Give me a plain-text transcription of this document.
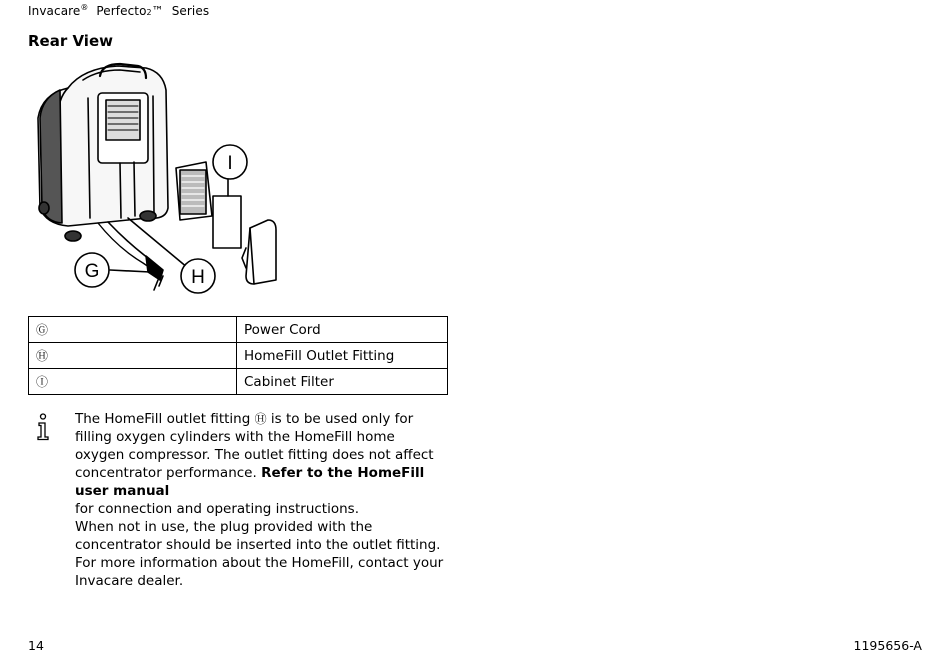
Invacare® Perfecto2™ Series
Rear View
G	H
I
Ⓖ	Power Cord
Ⓗ	HomeFill Outlet Fitting
Ⓘ	Cabinet Filter

The HomeFill outlet fitting Ⓗ is to be used only for filling oxygen cylinders with the HomeFill home oxygen compressor. The outlet fitting does not affect concentrator performance. Refer to the HomeFill user manual
for connection and operating instructions.

When not in use, the plug provided with the concentrator should be inserted into the outlet fitting. For more information about the HomeFill, contact your Invacare dealer.

14	1195656-A
